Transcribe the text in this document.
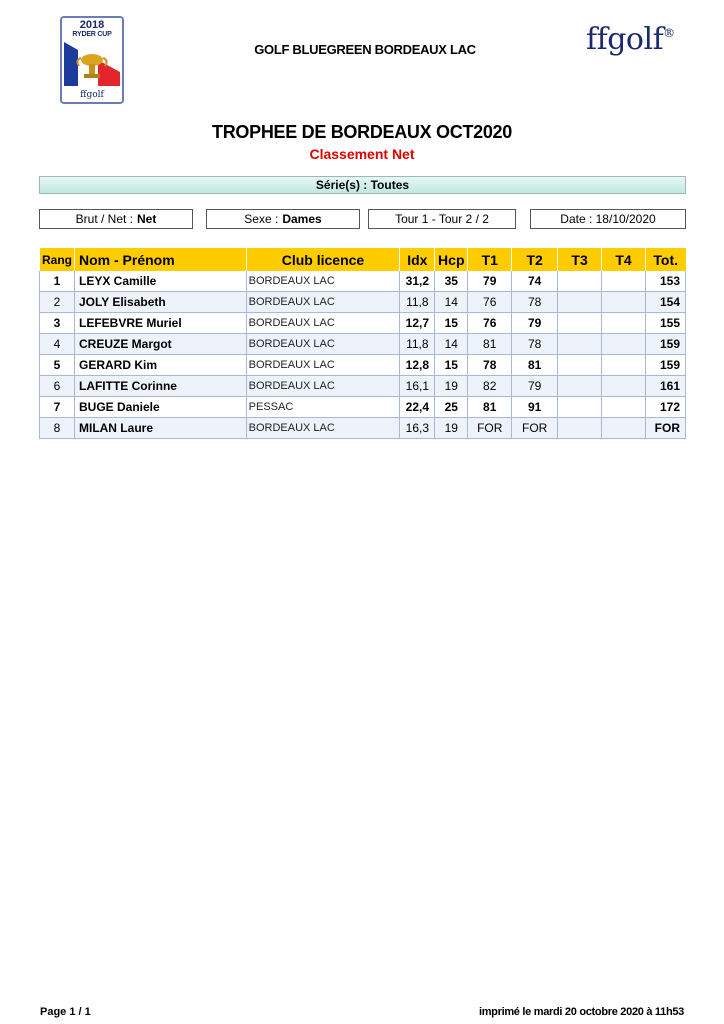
2018
RYDER CUP
ffgolf
GOLF BLUEGREEN BORDEAUX LAC	ffgolf®
TROPHEE DE BORDEAUX OCT2020
Classement Net
Série(s) : Toutes
Brut / Net : Net	Sexe : Dames	Tour 1 - Tour 2 / 2	Date : 18/10/2020
Rang	Nom - Prénom	Club licence	Idx	Hcp	T1	T2	T3	T4	Tot.
1	LEYX Camille	BORDEAUX LAC	31,2	35	79	74			153
2	JOLY Elisabeth	BORDEAUX LAC	11,8	14	76	78			154
3	LEFEBVRE Muriel	BORDEAUX LAC	12,7	15	76	79			155
4	CREUZE Margot	BORDEAUX LAC	11,8	14	81	78			159
5	GERARD Kim	BORDEAUX LAC	12,8	15	78	81			159
6	LAFITTE Corinne	BORDEAUX LAC	16,1	19	82	79			161
7	BUGE Daniele	PESSAC	22,4	25	81	91			172
8	MILAN Laure	BORDEAUX LAC	16,3	19	FOR	FOR			FOR
Page 1 / 1	imprimé le mardi 20 octobre 2020 à 11h53
